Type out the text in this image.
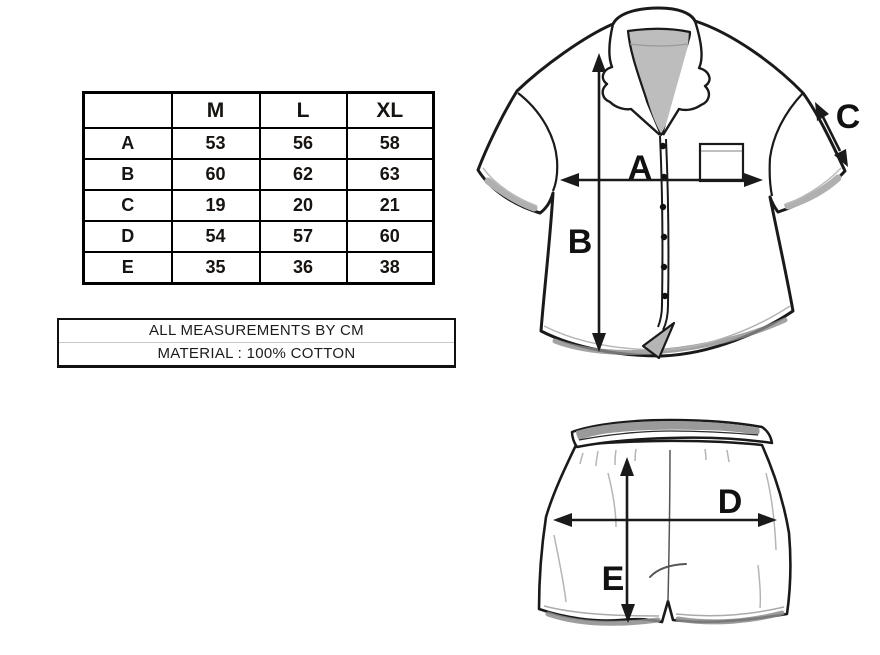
	M	L	XL
A	53	56	58
B	60	62	63
C	19	20	21
D	54	57	60
E	35	36	38
ALL MEASUREMENTS BY CM
MATERIAL : 100% COTTON
A
B
C
D
E
